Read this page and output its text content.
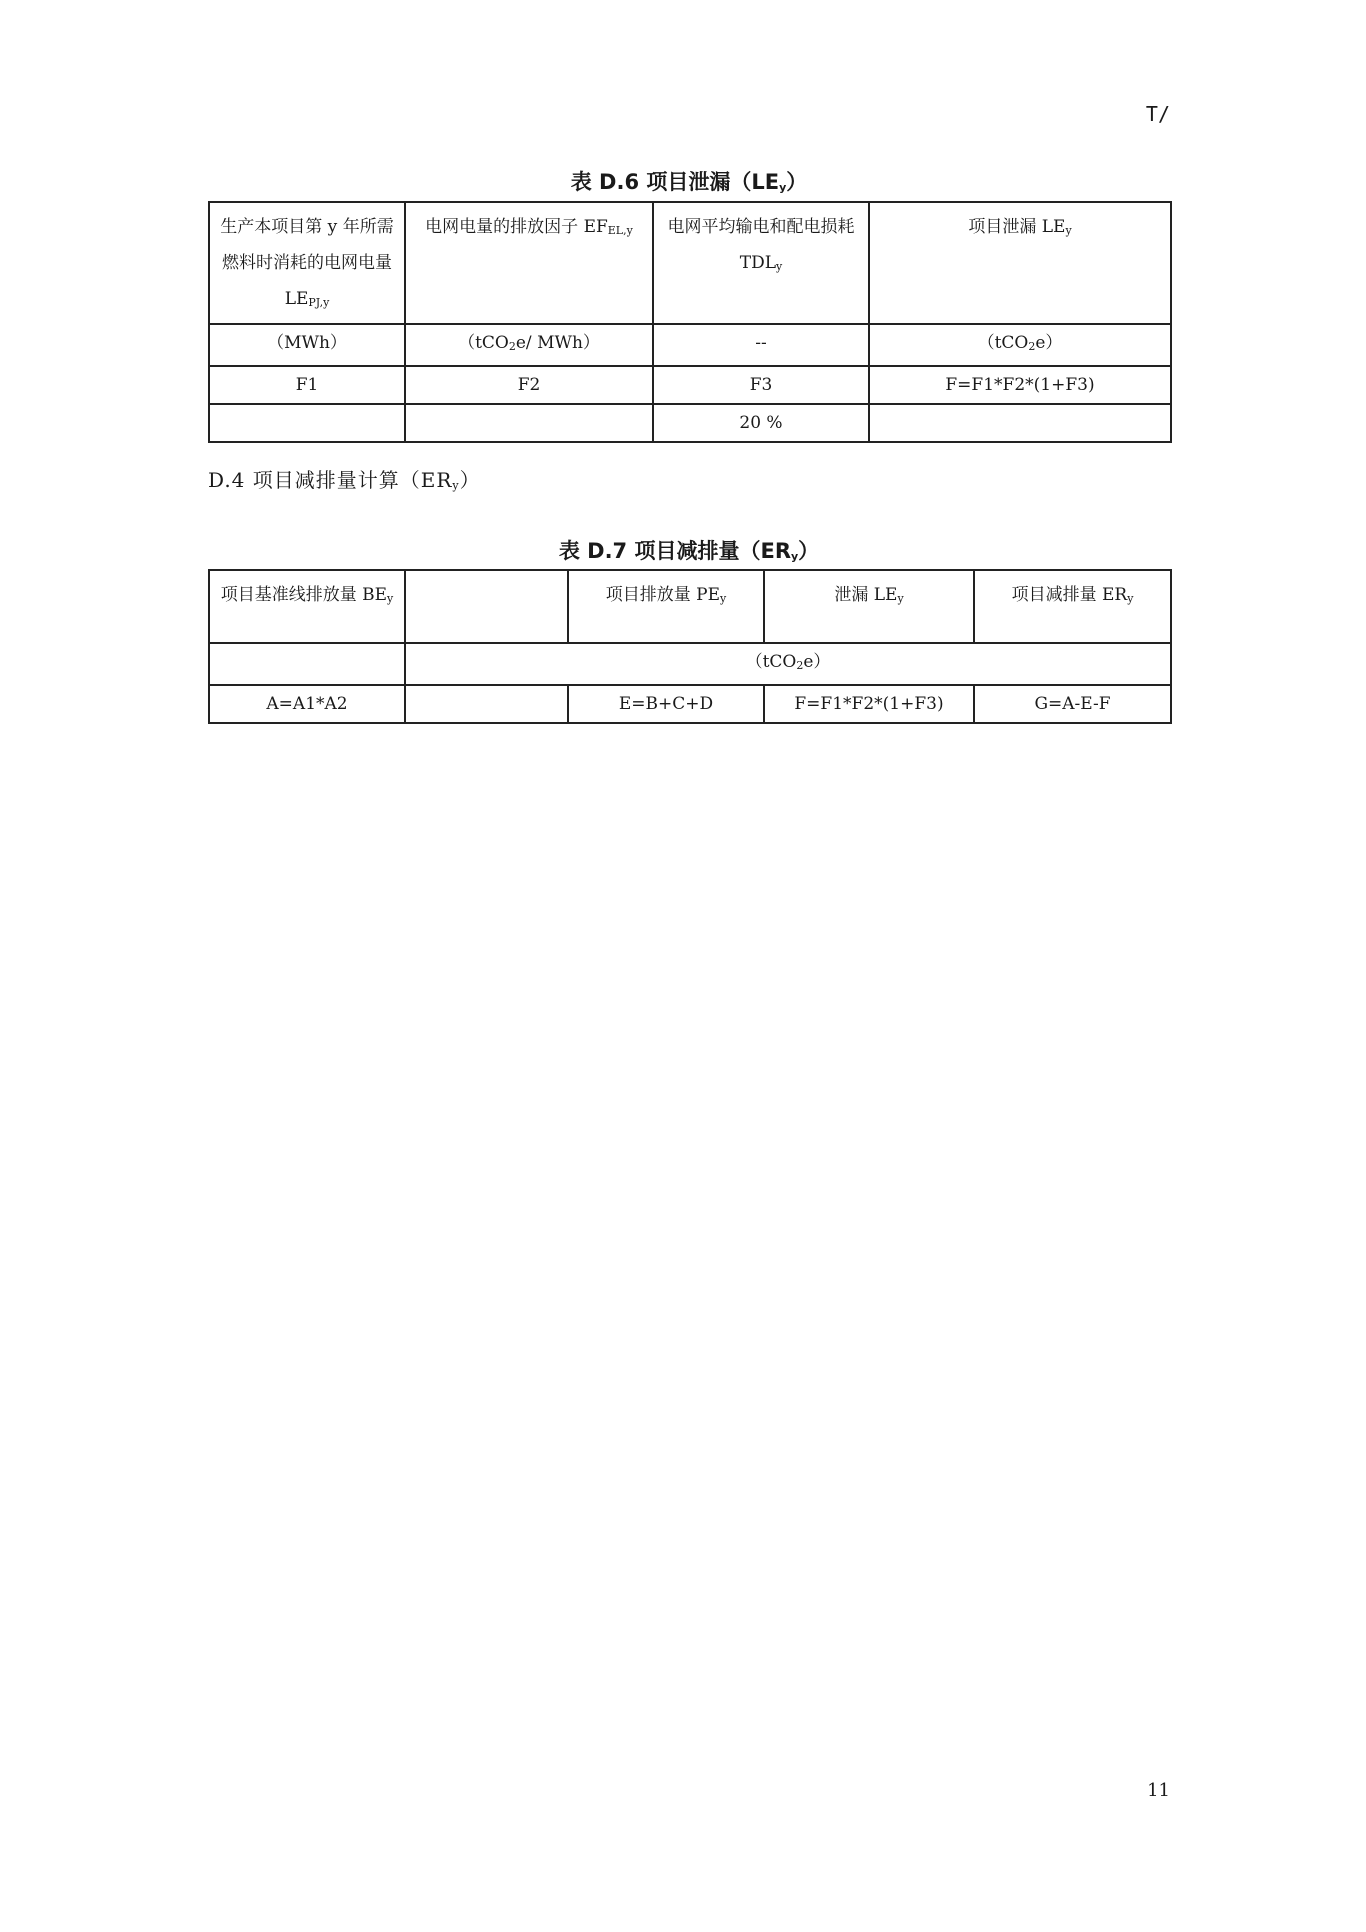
T/
表 D.6 项目泄漏（LEy）
生产本项目第 y 年所需燃料时消耗的电网电量 LEPJ,y	电网电量的排放因子 EFEL,y	电网平均输电和配电损耗 TDLy	项目泄漏 LEy
（MWh）	（tCO2e/ MWh）	--	（tCO2e）
F1	F2	F3	F=F1*F2*(1+F3)
		20 %	
D.4 项目减排量计算（ERy）
表 D.7 项目减排量（ERy）
项目基准线排放量 BEy		项目排放量 PEy	泄漏 LEy	项目减排量 ERy
	（tCO2e）			
A=A1*A2		E=B+C+D	F=F1*F2*(1+F3)	G=A-E-F
11
